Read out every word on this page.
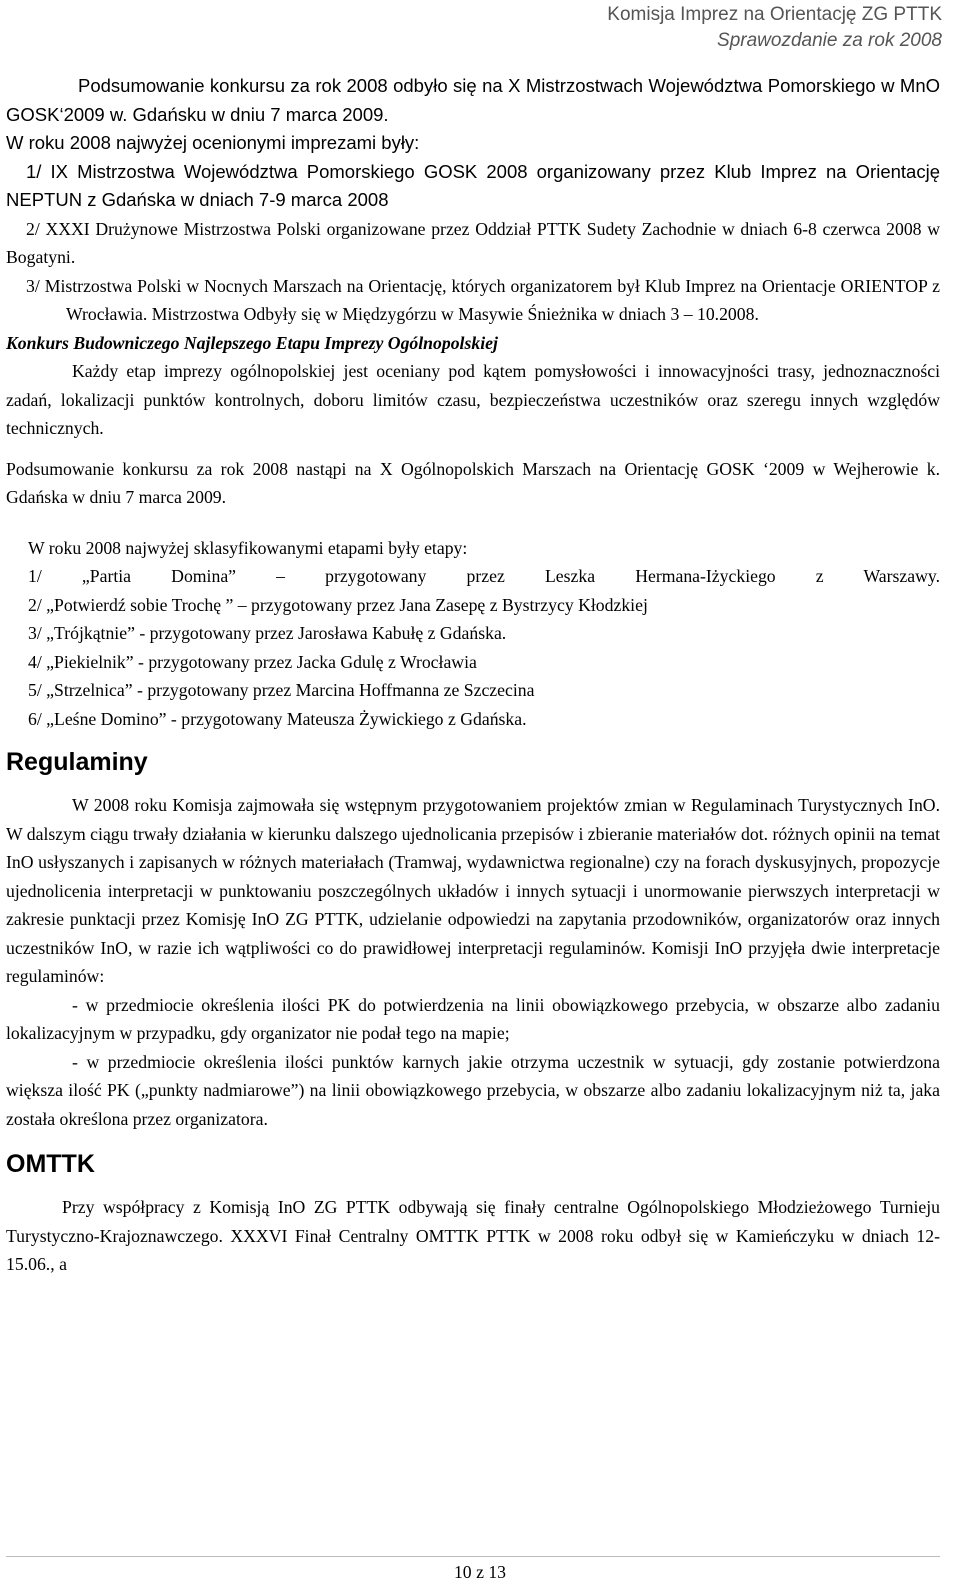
Komisja Imprez na Orientację ZG PTTK
Sprawozdanie za rok 2008

Podsumowanie konkursu za rok 2008 odbyło się na X Mistrzostwach Województwa Pomorskiego w MnO GOSK‘2009 w. Gdańsku w dniu 7 marca 2009.

W roku 2008 najwyżej ocenionymi imprezami były:

1/ IX Mistrzostwa Województwa Pomorskiego GOSK 2008 organizowany przez Klub Imprez na Orientację NEPTUN z Gdańska w dniach 7-9 marca 2008

2/ XXXI Drużynowe Mistrzostwa Polski organizowane przez Oddział PTTK Sudety Zachodnie w dniach 6-8 czerwca 2008 w Bogatyni.

3/ Mistrzostwa Polski w Nocnych Marszach na Orientację, których organizatorem był Klub Imprez na Orientacje ORIENTOP z Wrocławia. Mistrzostwa Odbyły się w Międzygórzu w Masywie Śnieżnika w dniach 3 – 10.2008.

Konkurs Budowniczego Najlepszego Etapu Imprezy Ogólnopolskiej

Każdy etap imprezy ogólnopolskiej jest oceniany pod kątem pomysłowości i innowacyjności trasy, jednoznaczności zadań, lokalizacji punktów kontrolnych, doboru limitów czasu, bezpieczeństwa uczestników oraz szeregu innych względów technicznych.

Podsumowanie konkursu za rok 2008 nastąpi na X Ogólnopolskich Marszach na Orientację GOSK ‘2009 w Wejherowie k. Gdańska w dniu 7 marca 2009.

W roku 2008 najwyżej sklasyfikowanymi etapami były etapy:

1/ „Partia Domina” – przygotowany przez Leszka Hermana-Iżyckiego z Warszawy.

2/ „Potwierdź sobie Trochę ” – przygotowany przez Jana Zasepę z Bystrzycy Kłodzkiej

3/ „Trójkątnie” - przygotowany przez Jarosława Kabułę z Gdańska.

4/ „Piekielnik” - przygotowany przez Jacka Gdulę z Wrocławia

5/ „Strzelnica” - przygotowany przez Marcina Hoffmanna ze Szczecina

6/ „Leśne Domino” - przygotowany Mateusza Żywickiego z Gdańska.

Regulaminy

W 2008 roku Komisja zajmowała się wstępnym przygotowaniem projektów zmian w Regulaminach Turystycznych InO. W dalszym ciągu trwały działania w kierunku dalszego ujednolicania przepisów i zbieranie materiałów dot. różnych opinii na temat InO usłyszanych i zapisanych w różnych materiałach (Tramwaj, wydawnictwa regionalne) czy na forach dyskusyjnych, propozycje ujednolicenia interpretacji w punktowaniu poszczególnych układów i innych sytuacji i unormowanie pierwszych interpretacji w zakresie punktacji przez Komisję InO ZG PTTK, udzielanie odpowiedzi na zapytania przodowników, organizatorów oraz innych uczestników InO, w razie ich wątpliwości co do prawidłowej interpretacji regulaminów. Komisji InO przyjęła dwie interpretacje regulaminów:

- w przedmiocie określenia ilości PK do potwierdzenia na linii obowiązkowego przebycia, w obszarze albo zadaniu lokalizacyjnym w przypadku, gdy organizator nie podał tego na mapie;

- w przedmiocie określenia ilości punktów karnych jakie otrzyma uczestnik w sytuacji, gdy zostanie potwierdzona większa ilość PK („punkty nadmiarowe”) na linii obowiązkowego przebycia, w obszarze albo zadaniu lokalizacyjnym niż ta, jaka została określona przez organizatora.

OMTTK

Przy współpracy z Komisją InO ZG PTTK odbywają się finały centralne Ogólnopolskiego Młodzieżowego Turnieju Turystyczno-Krajoznawczego. XXXVI Finał Centralny OMTTK PTTK w 2008 roku odbył się w Kamieńczyku w dniach 12-15.06., a

10 z 13
